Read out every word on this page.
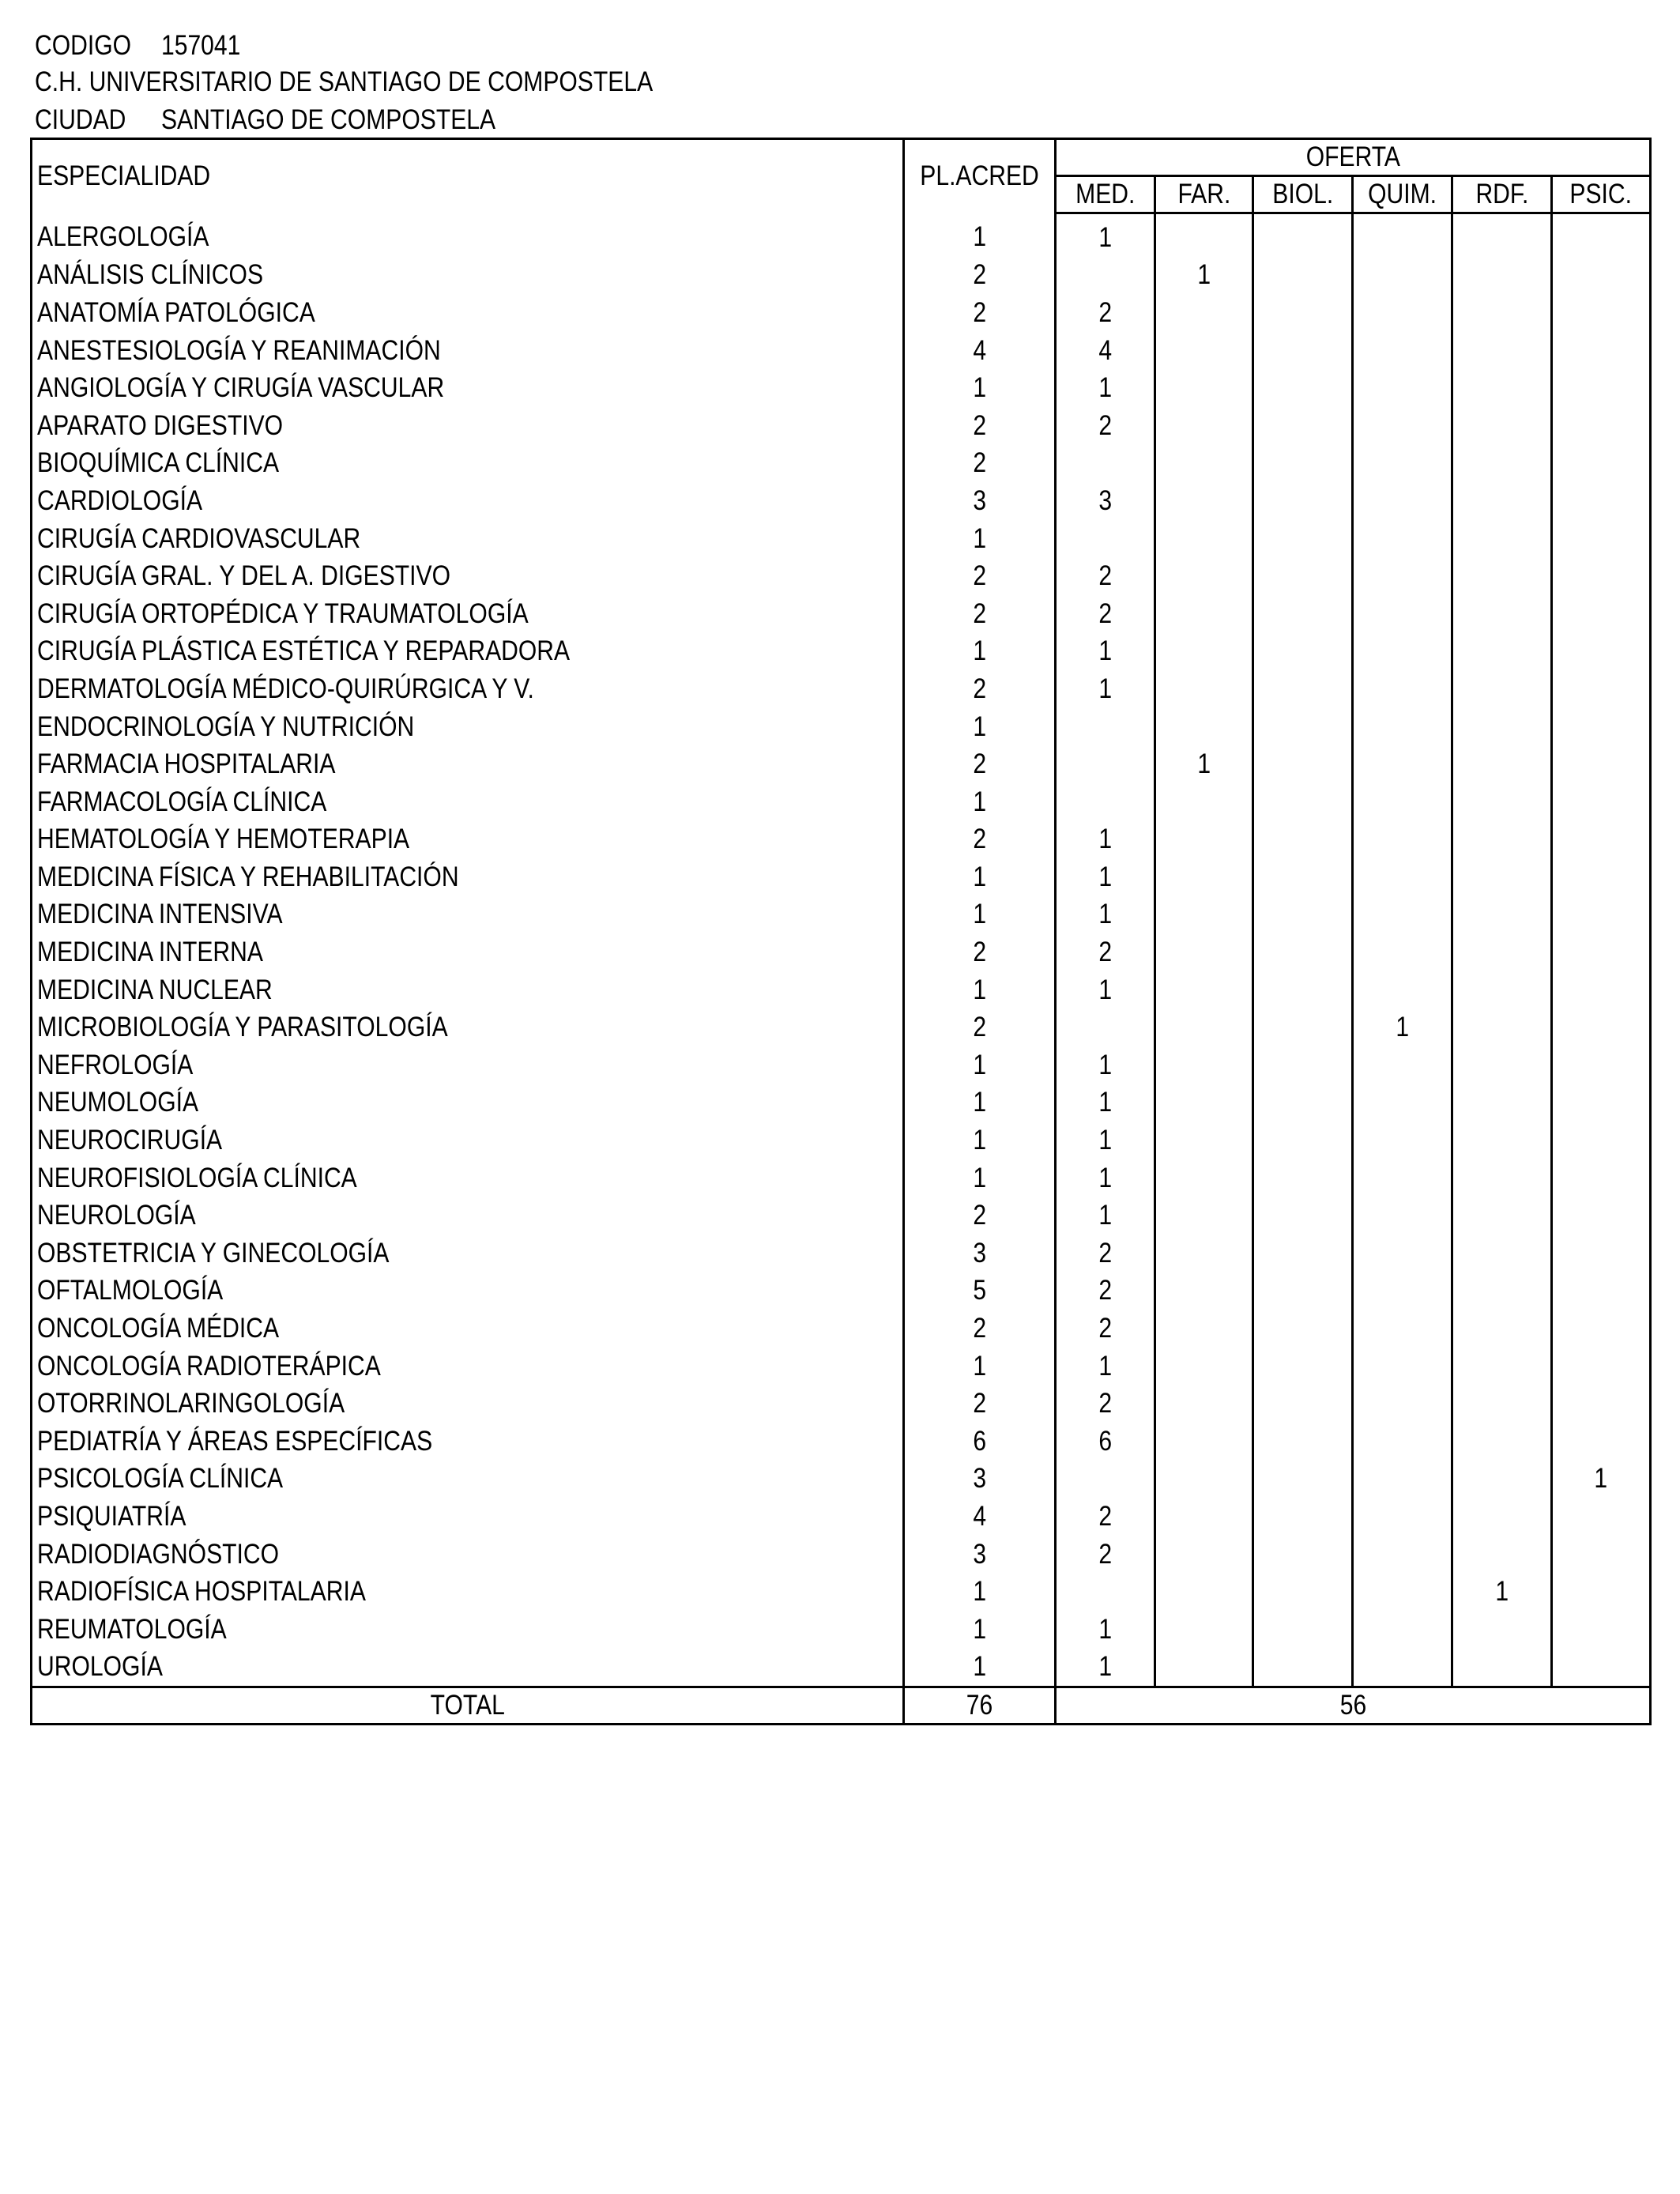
CODIGO 157041
C.H. UNIVERSITARIO DE SANTIAGO DE COMPOSTELA
CIUDAD SANTIAGO DE COMPOSTELA
ESPECIALIDAD	PL.ACRED	OFERTA					
		MED.	FAR.	BIOL.	QUIM.	RDF.	PSIC.
ALERGOLOGÍA	1	1					
ANÁLISIS CLÍNICOS	2		1				
ANATOMÍA PATOLÓGICA	2	2					
ANESTESIOLOGÍA Y REANIMACIÓN	4	4					
ANGIOLOGÍA Y CIRUGÍA VASCULAR	1	1					
APARATO DIGESTIVO	2	2					
BIOQUÍMICA CLÍNICA	2						
CARDIOLOGÍA	3	3					
CIRUGÍA CARDIOVASCULAR	1						
CIRUGÍA GRAL. Y DEL A. DIGESTIVO	2	2					
CIRUGÍA ORTOPÉDICA Y TRAUMATOLOGÍA	2	2					
CIRUGÍA PLÁSTICA ESTÉTICA Y REPARADORA	1	1					
DERMATOLOGÍA MÉDICO-QUIRÚRGICA Y V.	2	1					
ENDOCRINOLOGÍA Y NUTRICIÓN	1						
FARMACIA HOSPITALARIA	2		1				
FARMACOLOGÍA CLÍNICA	1						
HEMATOLOGÍA Y HEMOTERAPIA	2	1					
MEDICINA FÍSICA Y REHABILITACIÓN	1	1					
MEDICINA INTENSIVA	1	1					
MEDICINA INTERNA	2	2					
MEDICINA NUCLEAR	1	1					
MICROBIOLOGÍA Y PARASITOLOGÍA	2				1		
NEFROLOGÍA	1	1					
NEUMOLOGÍA	1	1					
NEUROCIRUGÍA	1	1					
NEUROFISIOLOGÍA CLÍNICA	1	1					
NEUROLOGÍA	2	1					
OBSTETRICIA Y GINECOLOGÍA	3	2					
OFTALMOLOGÍA	5	2					
ONCOLOGÍA MÉDICA	2	2					
ONCOLOGÍA RADIOTERÁPICA	1	1					
OTORRINOLARINGOLOGÍA	2	2					
PEDIATRÍA Y ÁREAS ESPECÍFICAS	6	6					
PSICOLOGÍA CLÍNICA	3						1
PSIQUIATRÍA	4	2					
RADIODIAGNÓSTICO	3	2					
RADIOFÍSICA HOSPITALARIA	1					1	
REUMATOLOGÍA	1	1					
UROLOGÍA	1	1					
TOTAL	76	56					
